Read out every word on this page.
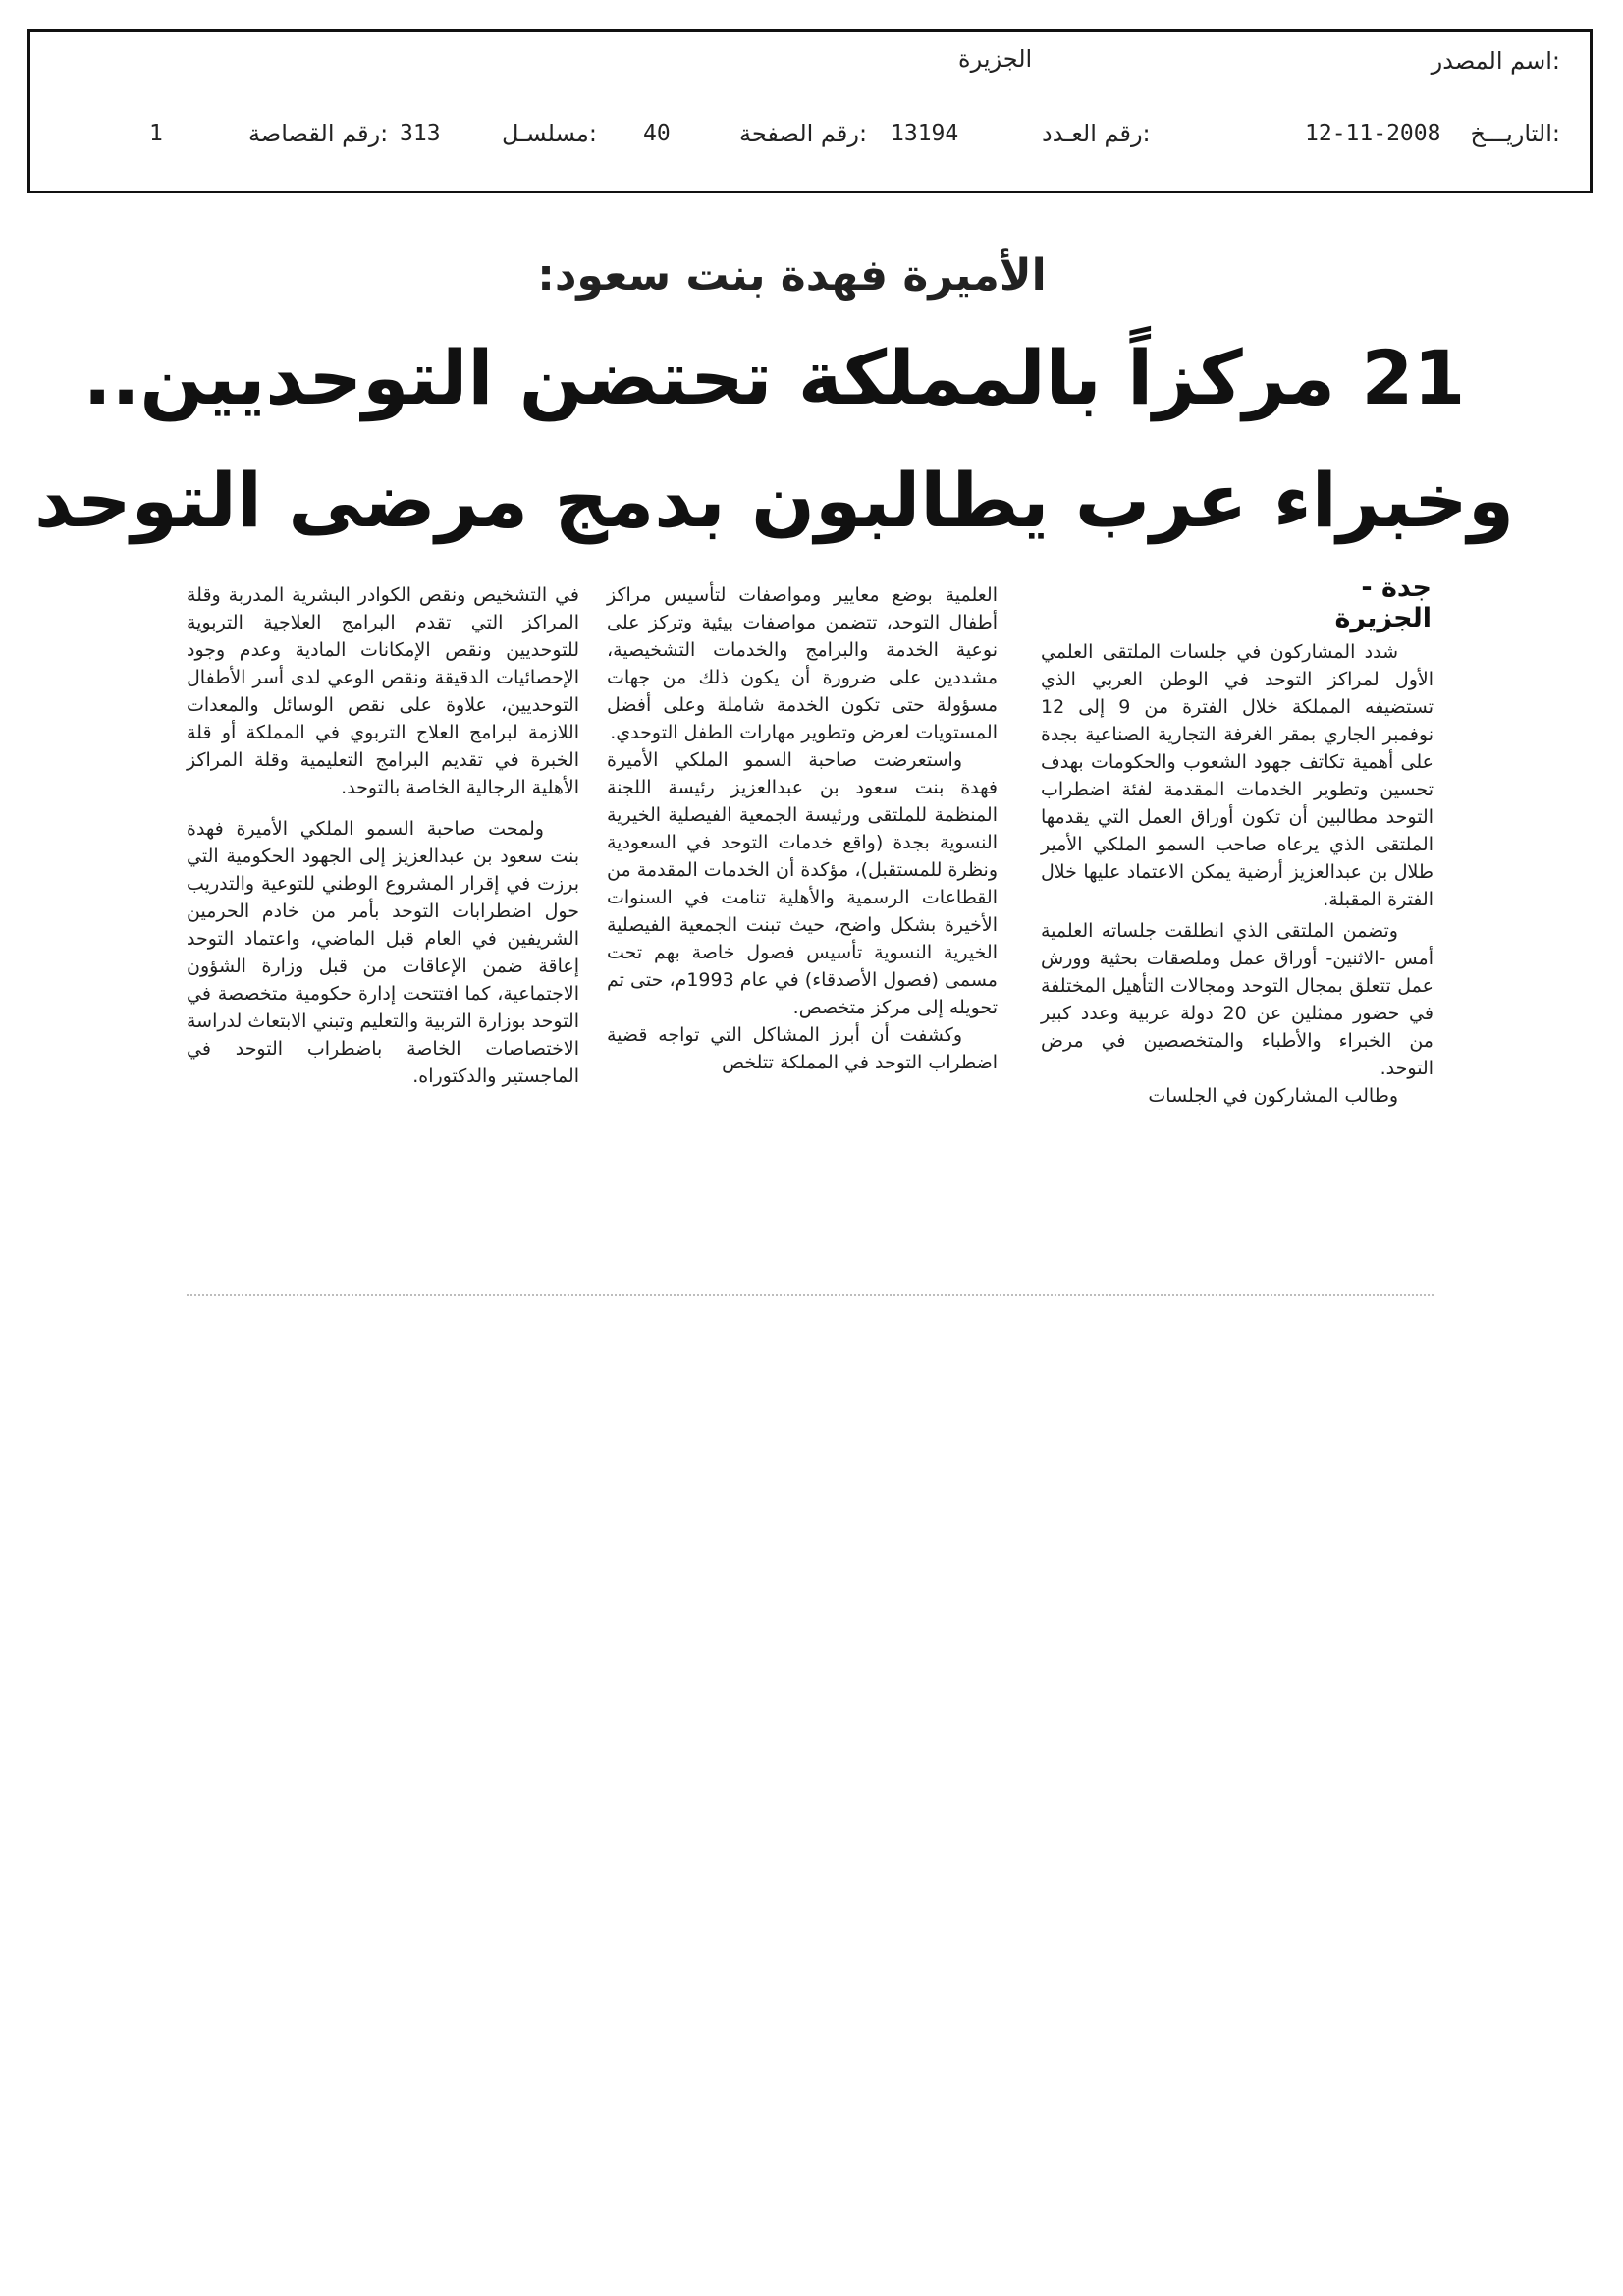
اسم المصدر:
الجزيرة
التاريـــخ:
12-11-2008
رقم العـدد:
13194
رقم الصفحة:
40
مسلسـل:
313
رقم القصاصة:
1
الأميرة فهدة بنت سعود:
21 مركزاً بالمملكة تحتضن التوحديين..
وخبراء عرب يطالبون بدمج مرضى التوحد
جدة - الجزيرة

شدد المشاركون في جلسات الملتقى العلمي الأول لمراكز التوحد في الوطن العربي الذي تستضيفه المملكة خلال الفترة من 9 إلى 12 نوفمبر الجاري بمقر الغرفة التجارية الصناعية بجدة على أهمية تكاتف جهود الشعوب والحكومات بهدف تحسين وتطوير الخدمات المقدمة لفئة اضطراب التوحد مطالبين أن تكون أوراق العمل التي يقدمها الملتقى الذي يرعاه صاحب السمو الملكي الأمير طلال بن عبدالعزيز أرضية يمكن الاعتماد عليها خلال الفترة المقبلة.

وتضمن الملتقى الذي انطلقت جلساته العلمية أمس -الاثنين- أوراق عمل وملصقات بحثية وورش عمل تتعلق بمجال التوحد ومجالات التأهيل المختلفة في حضور ممثلين عن 20 دولة عربية وعدد كبير من الخبراء والأطباء والمتخصصين في مرض التوحد.

وطالب المشاركون في الجلسات

العلمية بوضع معايير ومواصفات لتأسيس مراكز أطفال التوحد، تتضمن مواصفات بيئية وتركز على نوعية الخدمة والبرامج والخدمات التشخيصية، مشددين على ضرورة أن يكون ذلك من جهات مسؤولة حتى تكون الخدمة شاملة وعلى أفضل المستويات لعرض وتطوير مهارات الطفل التوحدي.

واستعرضت صاحبة السمو الملكي الأميرة فهدة بنت سعود بن عبدالعزيز رئيسة اللجنة المنظمة للملتقى ورئيسة الجمعية الفيصلية الخيرية النسوية بجدة (واقع خدمات التوحد في السعودية ونظرة للمستقبل)، مؤكدة أن الخدمات المقدمة من القطاعات الرسمية والأهلية تنامت في السنوات الأخيرة بشكل واضح، حيث تبنت الجمعية الفيصلية الخيرية النسوية تأسيس فصول خاصة بهم تحت مسمى (فصول الأصدقاء) في عام 1993م، حتى تم تحويله إلى مركز متخصص.

وكشفت أن أبرز المشاكل التي تواجه قضية اضطراب التوحد في المملكة تتلخص

في التشخيص ونقص الكوادر البشرية المدربة وقلة المراكز التي تقدم البرامج العلاجية التربوية للتوحديين ونقص الإمكانات المادية وعدم وجود الإحصائيات الدقيقة ونقص الوعي لدى أسر الأطفال التوحديين، علاوة على نقص الوسائل والمعدات اللازمة لبرامج العلاج التربوي في المملكة أو قلة الخبرة في تقديم البرامج التعليمية وقلة المراكز الأهلية الرجالية الخاصة بالتوحد.

ولمحت صاحبة السمو الملكي الأميرة فهدة بنت سعود بن عبدالعزيز إلى الجهود الحكومية التي برزت في إقرار المشروع الوطني للتوعية والتدريب حول اضطرابات التوحد بأمر من خادم الحرمين الشريفين في العام قبل الماضي، واعتماد التوحد إعاقة ضمن الإعاقات من قبل وزارة الشؤون الاجتماعية، كما افتتحت إدارة حكومية متخصصة في التوحد بوزارة التربية والتعليم وتبني الابتعاث لدراسة الاختصاصات الخاصة باضطراب التوحد في الماجستير والدكتوراه.
